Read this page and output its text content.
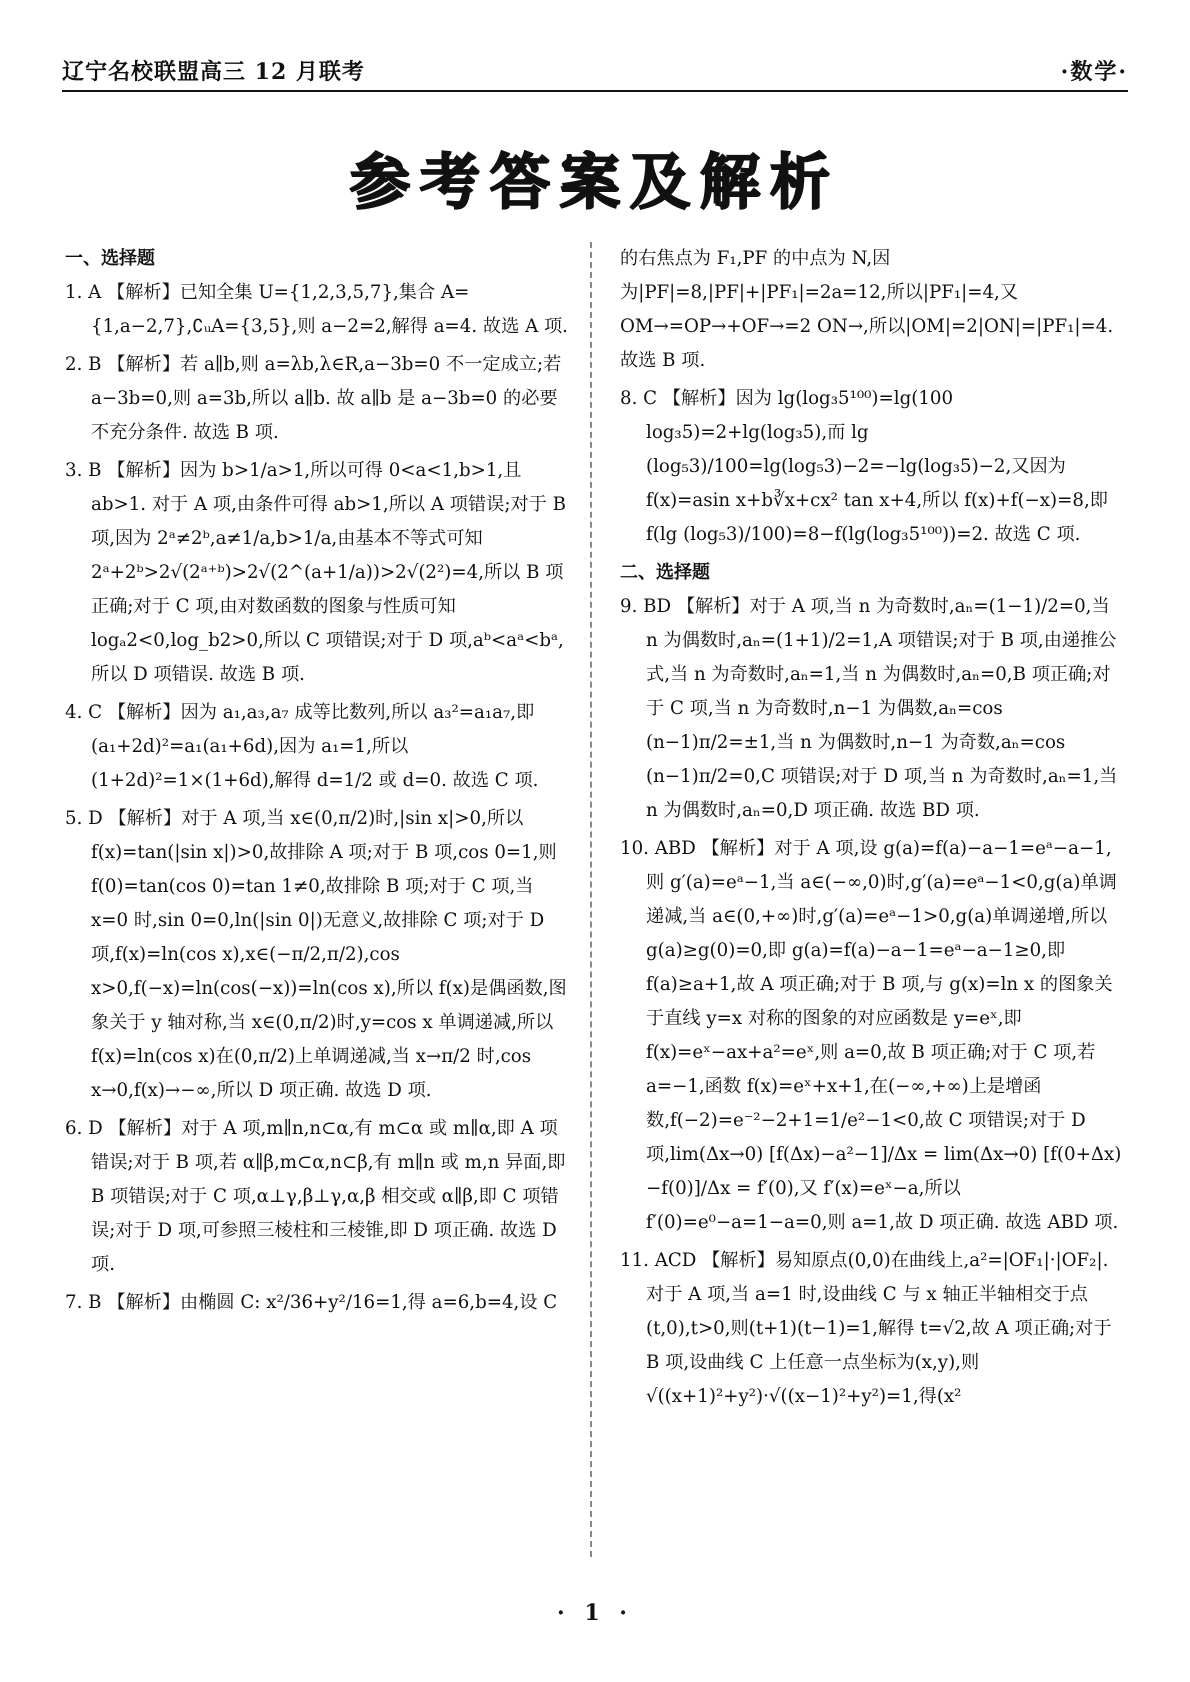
辽宁名校联盟高三 12 月联考	·数学·
参考答案及解析

一、选择题

1. A 【解析】已知全集 U={1,2,3,5,7},集合 A={1,a−2,7},∁ᵤA={3,5},则 a−2=2,解得 a=4. 故选 A 项.

2. B 【解析】若 a∥b,则 a=λb,λ∈R,a−3b=0 不一定成立;若 a−3b=0,则 a=3b,所以 a∥b. 故 a∥b 是 a−3b=0 的必要不充分条件. 故选 B 项.

3. B 【解析】因为 b>1/a>1,所以可得 0<a<1,b>1,且 ab>1. 对于 A 项,由条件可得 ab>1,所以 A 项错误;对于 B 项,因为 2ᵃ≠2ᵇ,a≠1/a,b>1/a,由基本不等式可知 2ᵃ+2ᵇ>2√(2ᵃ⁺ᵇ)>2√(2^(a+1/a))>2√(2²)=4,所以 B 项正确;对于 C 项,由对数函数的图象与性质可知 logₐ2<0,log_b2>0,所以 C 项错误;对于 D 项,aᵇ<aᵃ<bᵃ,所以 D 项错误. 故选 B 项.

4. C 【解析】因为 a₁,a₃,a₇ 成等比数列,所以 a₃²=a₁a₇,即(a₁+2d)²=a₁(a₁+6d),因为 a₁=1,所以(1+2d)²=1×(1+6d),解得 d=1/2 或 d=0. 故选 C 项.

5. D 【解析】对于 A 项,当 x∈(0,π/2)时,|sin x|>0,所以 f(x)=tan(|sin x|)>0,故排除 A 项;对于 B 项,cos 0=1,则 f(0)=tan(cos 0)=tan 1≠0,故排除 B 项;对于 C 项,当 x=0 时,sin 0=0,ln(|sin 0|)无意义,故排除 C 项;对于 D 项,f(x)=ln(cos x),x∈(−π/2,π/2),cos x>0,f(−x)=ln(cos(−x))=ln(cos x),所以 f(x)是偶函数,图象关于 y 轴对称,当 x∈(0,π/2)时,y=cos x 单调递减,所以 f(x)=ln(cos x)在(0,π/2)上单调递减,当 x→π/2 时,cos x→0,f(x)→−∞,所以 D 项正确. 故选 D 项.

6. D 【解析】对于 A 项,m∥n,n⊂α,有 m⊂α 或 m∥α,即 A 项错误;对于 B 项,若 α∥β,m⊂α,n⊂β,有 m∥n 或 m,n 异面,即 B 项错误;对于 C 项,α⊥γ,β⊥γ,α,β 相交或 α∥β,即 C 项错误;对于 D 项,可参照三棱柱和三棱锥,即 D 项正确. 故选 D 项.

7. B 【解析】由椭圆 C: x²/36+y²/16=1,得 a=6,b=4,设 C

的右焦点为 F₁,PF 的中点为 N,因为|PF|=8,|PF|+|PF₁|=2a=12,所以|PF₁|=4,又 OM→=OP→+OF→=2 ON→,所以|OM|=2|ON|=|PF₁|=4. 故选 B 项.

8. C 【解析】因为 lg(log₃5¹⁰⁰)=lg(100 log₃5)=2+lg(log₃5),而 lg (log₅3)/100=lg(log₅3)−2=−lg(log₃5)−2,又因为 f(x)=asin x+b∛x+cx² tan x+4,所以 f(x)+f(−x)=8,即 f(lg (log₅3)/100)=8−f(lg(log₃5¹⁰⁰))=2. 故选 C 项.

二、选择题

9. BD 【解析】对于 A 项,当 n 为奇数时,aₙ=(1−1)/2=0,当 n 为偶数时,aₙ=(1+1)/2=1,A 项错误;对于 B 项,由递推公式,当 n 为奇数时,aₙ=1,当 n 为偶数时,aₙ=0,B 项正确;对于 C 项,当 n 为奇数时,n−1 为偶数,aₙ=cos (n−1)π/2=±1,当 n 为偶数时,n−1 为奇数,aₙ=cos (n−1)π/2=0,C 项错误;对于 D 项,当 n 为奇数时,aₙ=1,当 n 为偶数时,aₙ=0,D 项正确. 故选 BD 项.

10. ABD 【解析】对于 A 项,设 g(a)=f(a)−a−1=eᵃ−a−1,则 g′(a)=eᵃ−1,当 a∈(−∞,0)时,g′(a)=eᵃ−1<0,g(a)单调递减,当 a∈(0,+∞)时,g′(a)=eᵃ−1>0,g(a)单调递增,所以 g(a)≥g(0)=0,即 g(a)=f(a)−a−1=eᵃ−a−1≥0,即 f(a)≥a+1,故 A 项正确;对于 B 项,与 g(x)=ln x 的图象关于直线 y=x 对称的图象的对应函数是 y=eˣ,即 f(x)=eˣ−ax+a²=eˣ,则 a=0,故 B 项正确;对于 C 项,若 a=−1,函数 f(x)=eˣ+x+1,在(−∞,+∞)上是增函数,f(−2)=e⁻²−2+1=1/e²−1<0,故 C 项错误;对于 D 项,lim(Δx→0) [f(Δx)−a²−1]/Δx = lim(Δx→0) [f(0+Δx)−f(0)]/Δx = f′(0),又 f′(x)=eˣ−a,所以 f′(0)=e⁰−a=1−a=0,则 a=1,故 D 项正确. 故选 ABD 项.

11. ACD 【解析】易知原点(0,0)在曲线上,a²=|OF₁|·|OF₂|. 对于 A 项,当 a=1 时,设曲线 C 与 x 轴正半轴相交于点(t,0),t>0,则(t+1)(t−1)=1,解得 t=√2,故 A 项正确;对于 B 项,设曲线 C 上任意一点坐标为(x,y),则 √((x+1)²+y²)·√((x−1)²+y²)=1,得(x²

· 1 ·
